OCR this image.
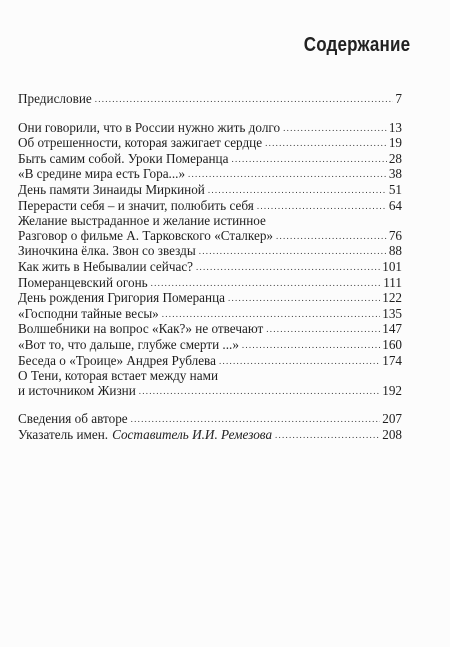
Содержание
Предисловие . . .	7
Они говорили, что в России нужно жить долго . . .	13
Об отрешенности, которая зажигает сердце . . .	19
Быть самим собой. Уроки Померанца . . .	28
«В средине мира есть Гора...» . . .	38
День памяти Зинаиды Миркиной . . .	51
Перерасти себя – и значит, полюбить себя . . .	64
Желание выстраданное и желание истинное
Разговор о фильме А. Тарковского «Сталкер» . . .	76
Зиночкина ёлка. Звон со звезды . . .	88
Как жить в Небывалии сейчас? . . .	101
Померанцевский огонь . . .	111
День рождения Григория Померанца . . .	122
«Господни тайные весы» . . .	135
Волшебники на вопрос «Как?» не отвечают . . .	147
«Вот то, что дальше, глубже смерти ...» . . .	160
Беседа о «Троице» Андрея Рублева . . .	174
О Тени, которая встает между нами
и источником Жизни . . .	192
Сведения об авторе . . .	207
Указатель имен. Составитель И.И. Ремезова . . .	208
